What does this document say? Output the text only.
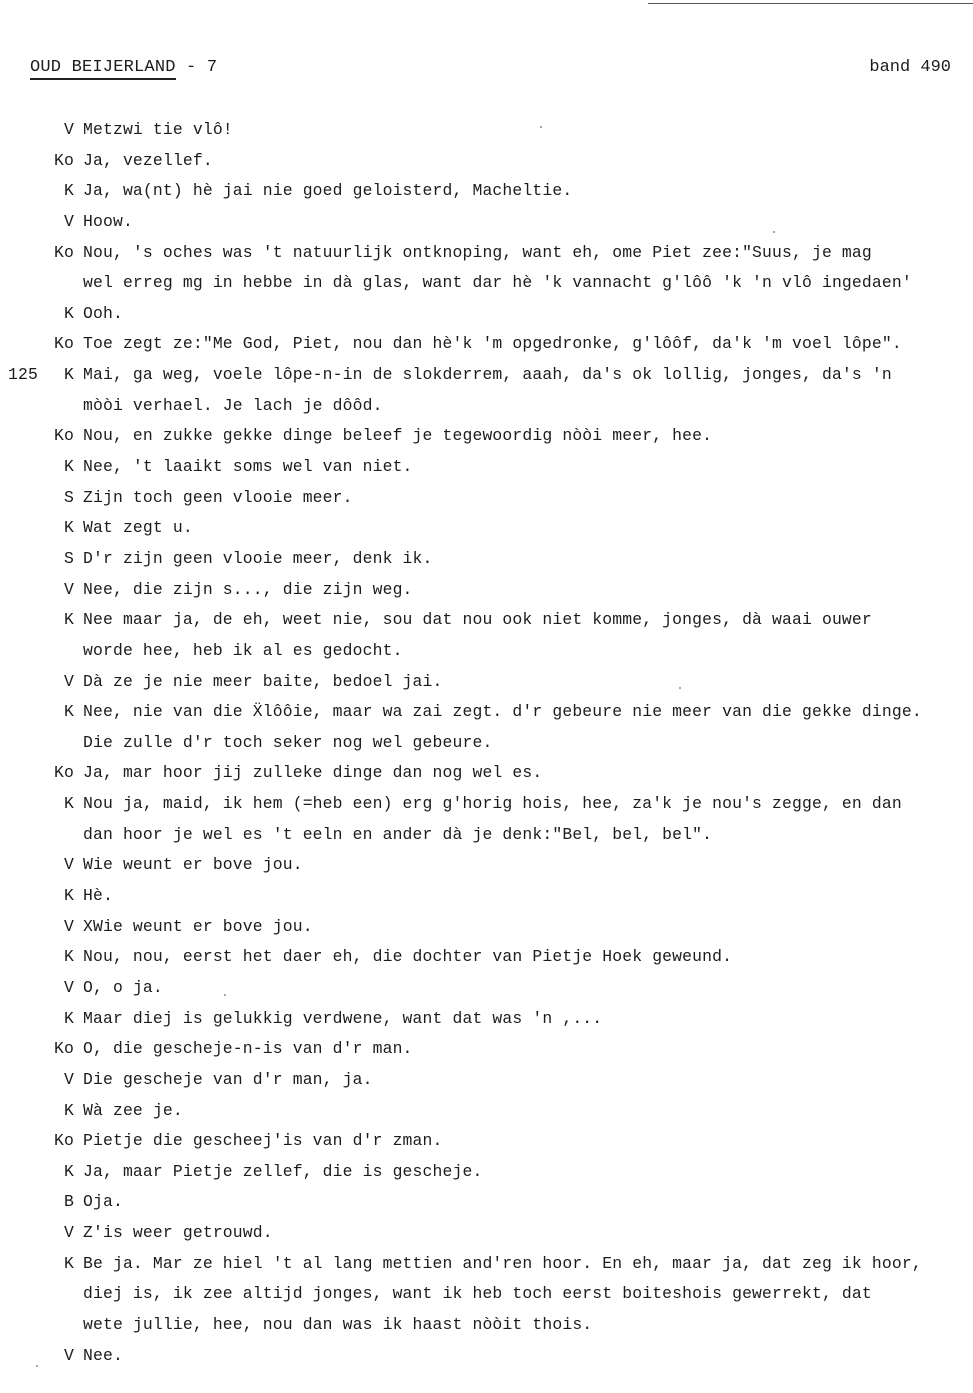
OUD BEIJERLAND - 7	band 490
V Metzwi tie vlô!
Ko Ja, vezellef.
K Ja, wa(nt) hè jai nie goed geloisterd, Macheltie.
V Hoow.
Ko Nou, 's oches was 't natuurlijk ontknoping, want eh, ome Piet zee:"Suus, je mag
wel erreg mg in hebbe in dà glas, want dar hè 'k vannacht g'lôô 'k 'n vlô ingedaen'
K Ooh.
Ko Toe zegt ze:"Me God, Piet, nou dan hè'k 'm opgedronke, g'lôôf, da'k 'm voel lôpe".
125	K Mai, ga weg, voele lôpe-n-in de slokderrem, aaah, da's ok lollig, jonges, da's 'n
mòòi verhael. Je lach je dôôd.
Ko Nou, en zukke gekke dinge beleef je tegewoordig nòòi meer, hee.
K Nee, 't laaikt soms wel van niet.
S Zijn toch geen vlooie meer.
K Wat zegt u.
S D'r zijn geen vlooie meer, denk ik.
V Nee, die zijn s..., die zijn weg.
K Nee maar ja, de eh, weet nie, sou dat nou ook niet komme, jonges, dà waai ouwer
worde hee, heb ik al es gedocht.
V Dà ze je nie meer baite, bedoel jai.
K Nee, nie van die Ẍlôôie, maar wa zai zegt. d'r gebeure nie meer van die gekke dinge.
Die zulle d'r toch seker nog wel gebeure.
Ko Ja, mar hoor jij zulleke dinge dan nog wel es.
K Nou ja, maid, ik hem (=heb een) erg g'horig hois, hee, za'k je nou's zegge, en dan
dan hoor je wel es 't eeln en ander dà je denk:"Bel, bel, bel".
V Wie weunt er bove jou.
K Hè.
V XWie weunt er bove jou.
K Nou, nou, eerst het daer eh, die dochter van Pietje Hoek geweund.
V O, o ja.
K Maar diej is gelukkig verdwene, want dat was 'n ,...
Ko O, die gescheje-n-is van d'r man.
V Die gescheje van d'r man, ja.
K Wà zee je.
Ko Pietje die gescheej'is van d'r zman.
K Ja, maar Pietje zellef, die is gescheje.
B Oja.
V Z'is weer getrouwd.
K Be ja. Mar ze hiel 't al lang mettien and'ren hoor. En eh, maar ja, dat zeg ik hoor,
diej is, ik zee altijd jonges, want ik heb toch eerst boiteshois gewerrekt, dat
wete jullie, hee, nou dan was ik haast nòòit thois.
V Nee.
